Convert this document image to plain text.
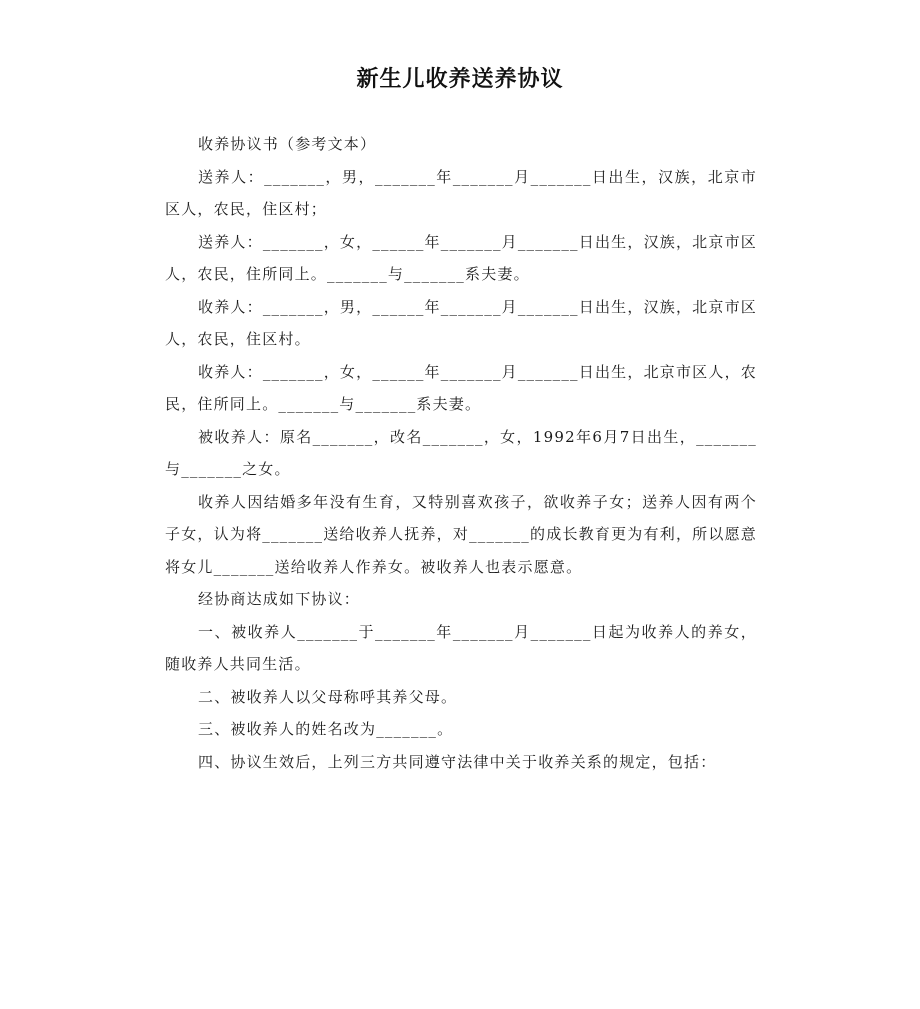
新生儿收养送养协议

收养协议书（参考文本）

送养人：_______，男，_______年_______月_______日出生，汉族，北京市区人，农民，住区村；

送养人：_______，女，______年_______月_______日出生，汉族，北京市区人，农民，住所同上。_______与_______系夫妻。

收养人：_______，男，______年_______月_______日出生，汉族，北京市区人，农民，住区村。

收养人：_______，女，______年_______月_______日出生，北京市区人，农民，住所同上。_______与_______系夫妻。

被收养人：原名_______，改名_______，女，1992年6月7日出生，_______与_______之女。

收养人因结婚多年没有生育，又特别喜欢孩子，欲收养子女；送养人因有两个子女，认为将_______送给收养人抚养，对_______的成长教育更为有利，所以愿意将女儿_______送给收养人作养女。被收养人也表示愿意。

经协商达成如下协议：

一、被收养人_______于_______年_______月_______日起为收养人的养女，随收养人共同生活。

二、被收养人以父母称呼其养父母。

三、被收养人的姓名改为_______。

四、协议生效后，上列三方共同遵守法律中关于收养关系的规定，包括：
